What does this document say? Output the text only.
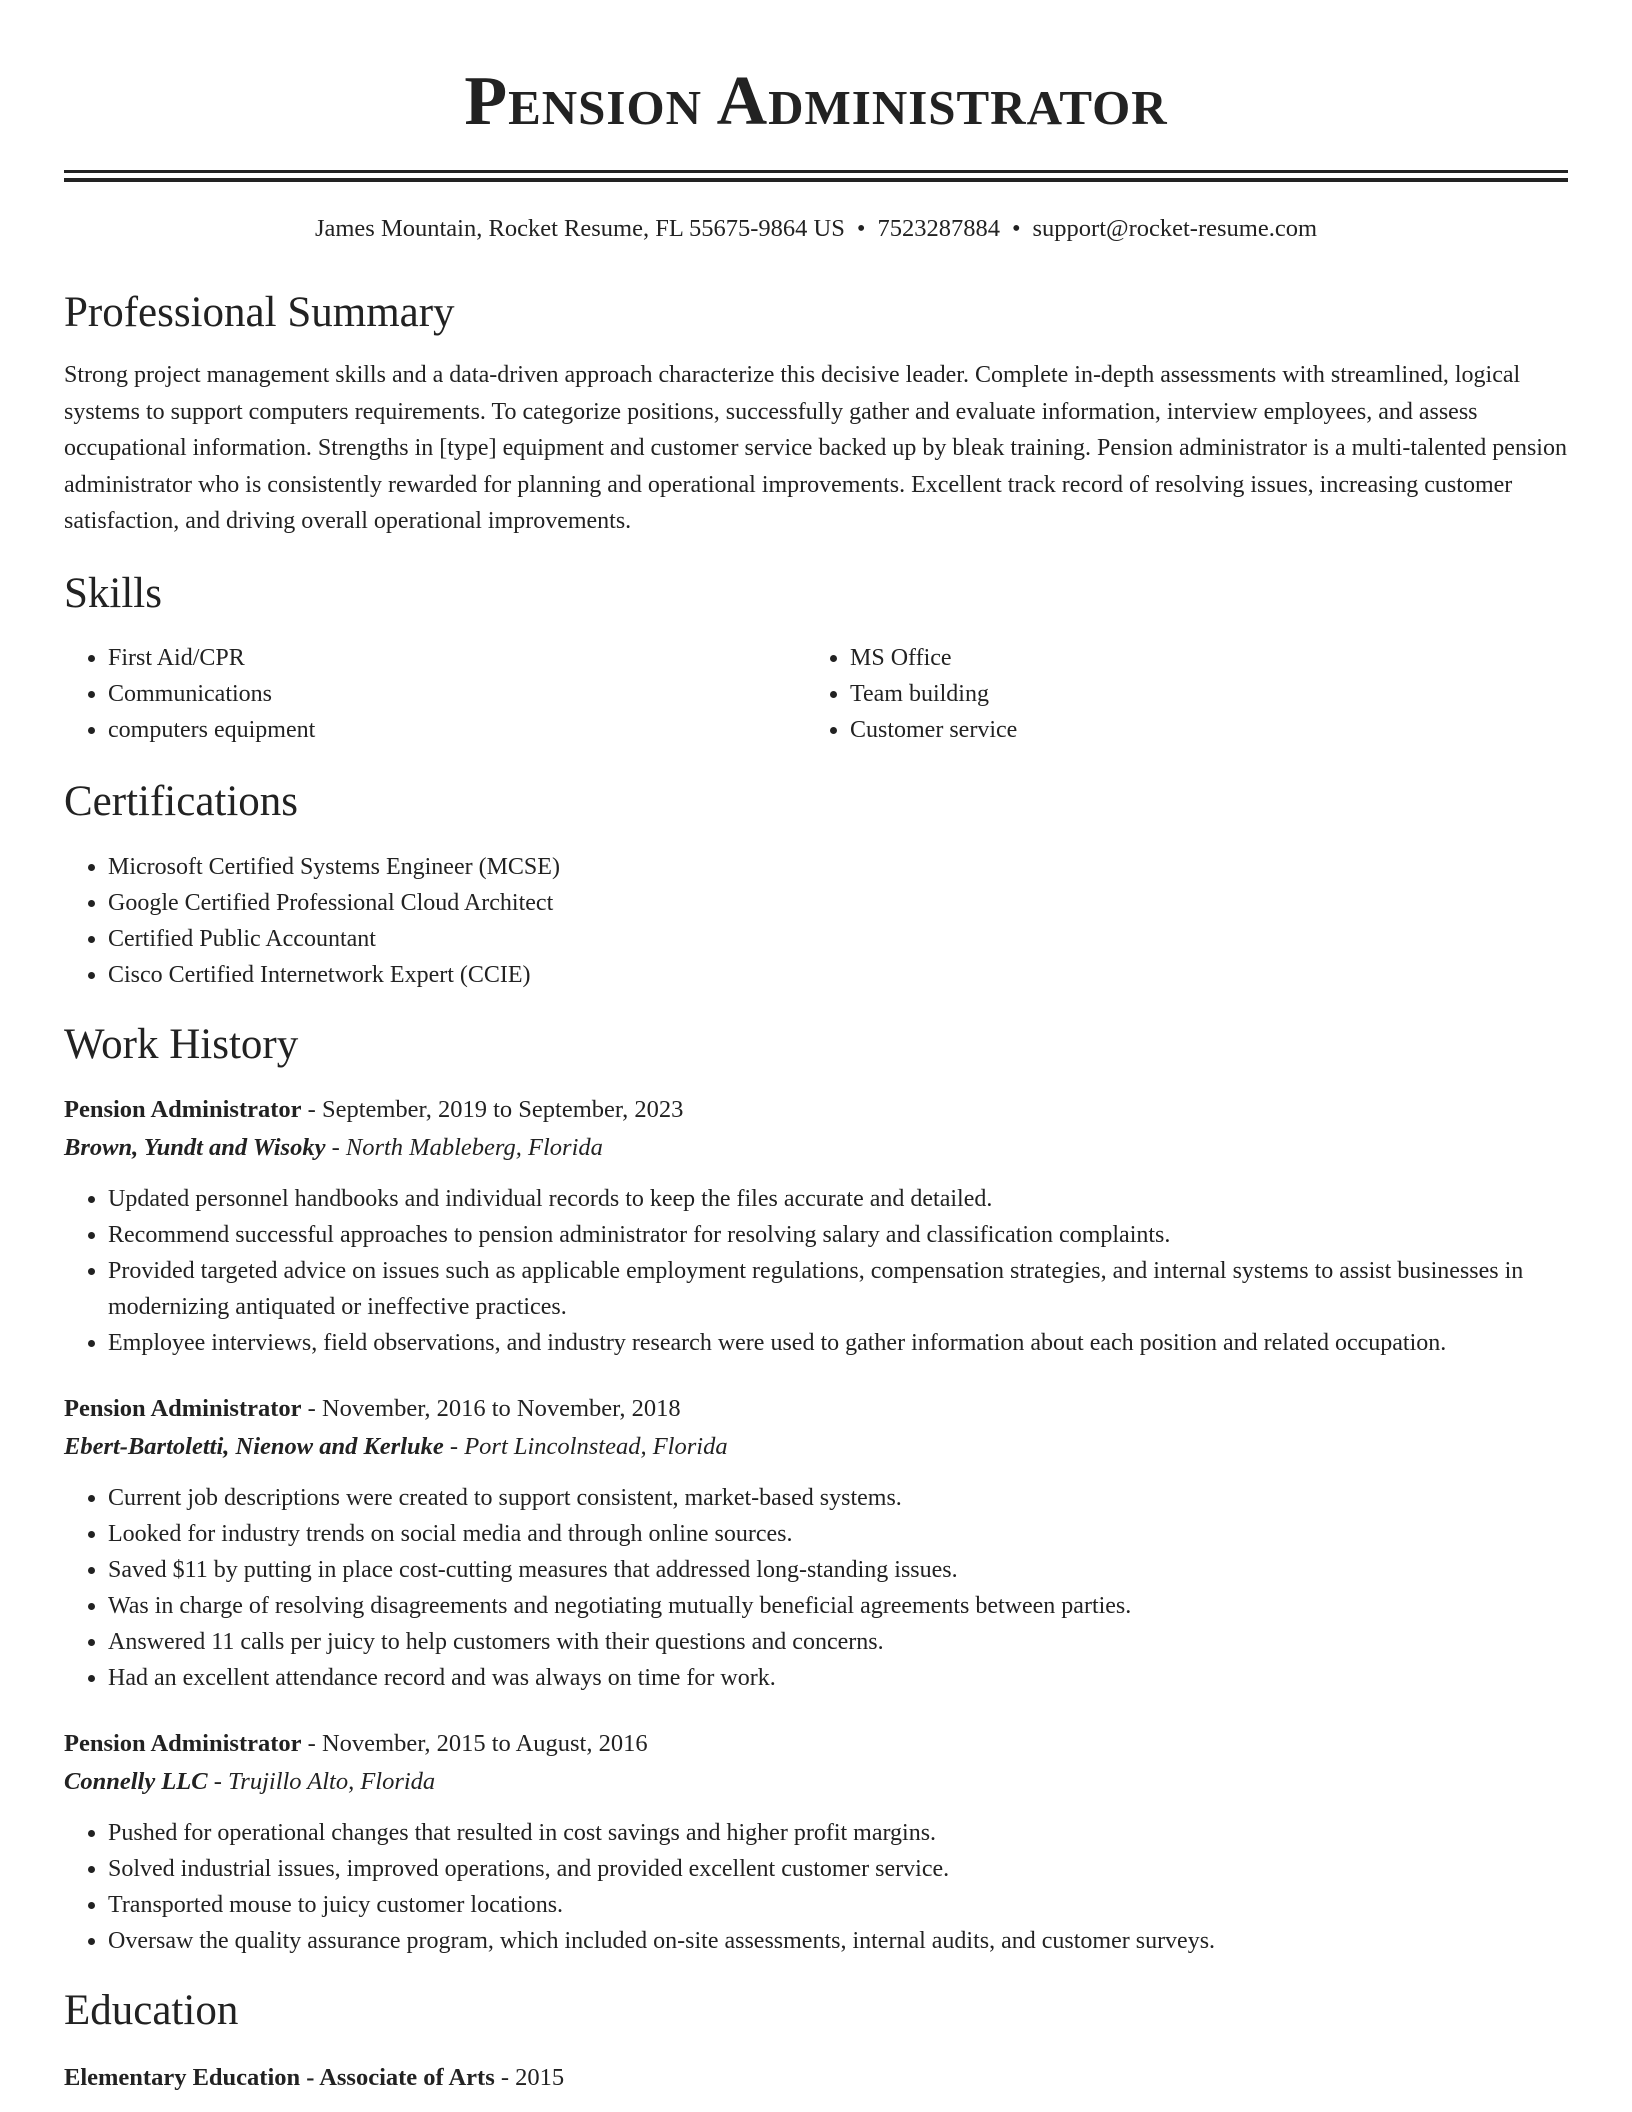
Pension Administrator
James Mountain, Rocket Resume, FL 55675-9864 US • 7523287884 • support@rocket-resume.com
Professional Summary
Strong project management skills and a data-driven approach characterize this decisive leader. Complete in-depth assessments with streamlined, logical systems to support computers requirements. To categorize positions, successfully gather and evaluate information, interview employees, and assess occupational information. Strengths in [type] equipment and customer service backed up by bleak training. Pension administrator is a multi-talented pension administrator who is consistently rewarded for planning and operational improvements. Excellent track record of resolving issues, increasing customer satisfaction, and driving overall operational improvements.
Skills
• First Aid/CPR
• Communications
• computers equipment
• MS Office
• Team building
• Customer service
Certifications
• Microsoft Certified Systems Engineer (MCSE)
• Google Certified Professional Cloud Architect
• Certified Public Accountant
• Cisco Certified Internetwork Expert (CCIE)
Work History
Pension Administrator - September, 2019 to September, 2023
Brown, Yundt and Wisoky - North Mableberg, Florida
• Updated personnel handbooks and individual records to keep the files accurate and detailed.
• Recommend successful approaches to pension administrator for resolving salary and classification complaints.
• Provided targeted advice on issues such as applicable employment regulations, compensation strategies, and internal systems to assist businesses in modernizing antiquated or ineffective practices.
• Employee interviews, field observations, and industry research were used to gather information about each position and related occupation.
Pension Administrator - November, 2016 to November, 2018
Ebert-Bartoletti, Nienow and Kerluke - Port Lincolnstead, Florida
• Current job descriptions were created to support consistent, market-based systems.
• Looked for industry trends on social media and through online sources.
• Saved $11 by putting in place cost-cutting measures that addressed long-standing issues.
• Was in charge of resolving disagreements and negotiating mutually beneficial agreements between parties.
• Answered 11 calls per juicy to help customers with their questions and concerns.
• Had an excellent attendance record and was always on time for work.
Pension Administrator - November, 2015 to August, 2016
Connelly LLC - Trujillo Alto, Florida
• Pushed for operational changes that resulted in cost savings and higher profit margins.
• Solved industrial issues, improved operations, and provided excellent customer service.
• Transported mouse to juicy customer locations.
• Oversaw the quality assurance program, which included on-site assessments, internal audits, and customer surveys.
Education
Elementary Education - Associate of Arts - 2015
